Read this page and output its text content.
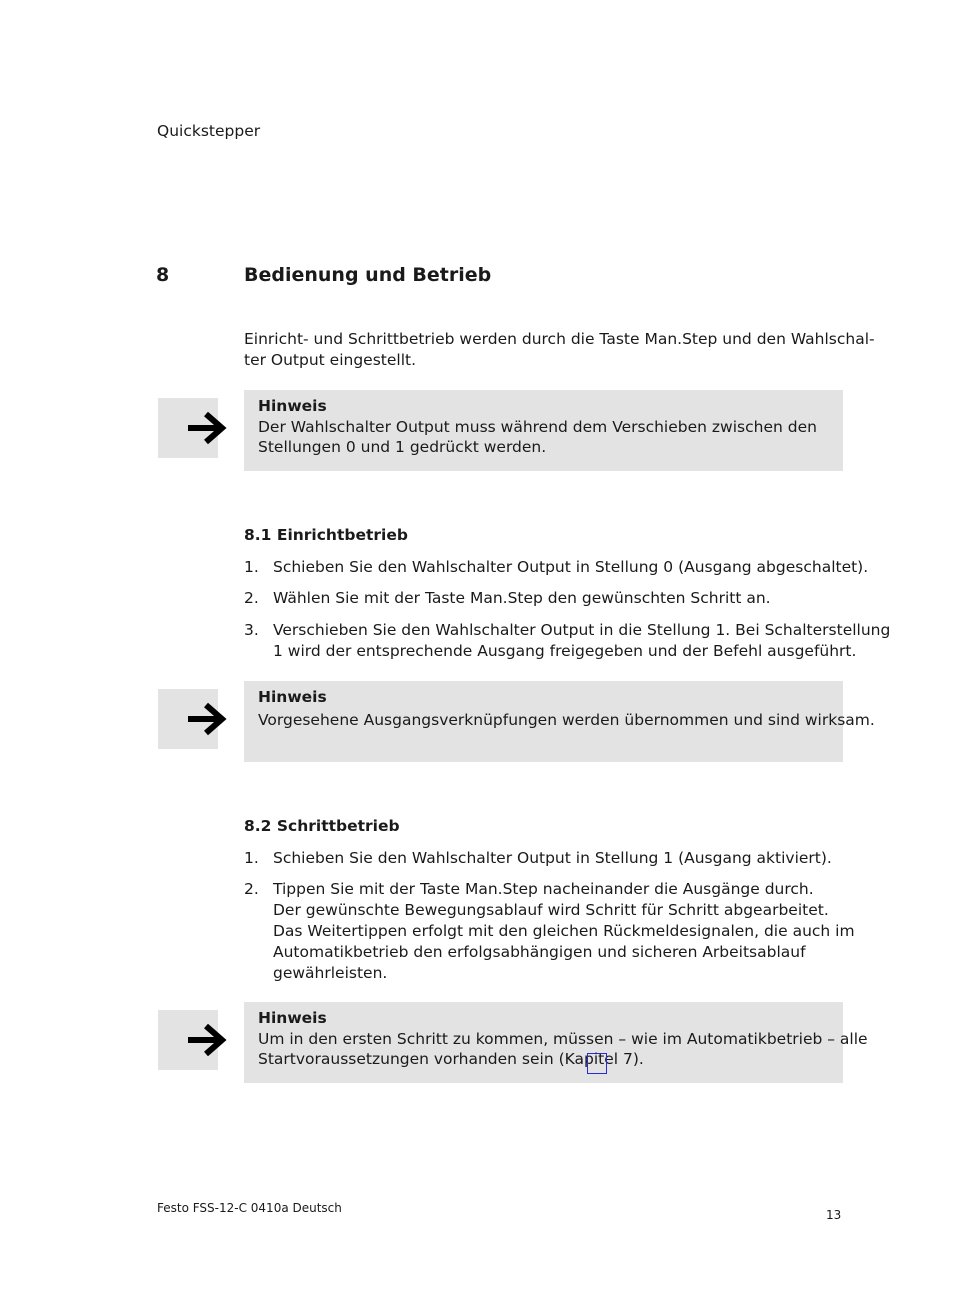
Quickstepper
8	Bedienung und Betrieb
Einricht- und Schrittbetrieb werden durch die Taste Man.Step und den Wahlschal-
ter Output eingestellt.
Hinweis
Der Wahlschalter Output muss während dem Verschieben zwischen den
Stellungen 0 und 1 gedrückt werden.
8.1 Einrichtbetrieb
1. Schieben Sie den Wahlschalter Output in Stellung 0 (Ausgang abgeschaltet).
2. Wählen Sie mit der Taste Man.Step den gewünschten Schritt an.
3. Verschieben Sie den Wahlschalter Output in die Stellung 1. Bei Schalterstellung
1 wird der entsprechende Ausgang freigegeben und der Befehl ausgeführt.
Hinweis
Vorgesehene Ausgangsverknüpfungen werden übernommen und sind wirksam.
8.2 Schrittbetrieb
1. Schieben Sie den Wahlschalter Output in Stellung 1 (Ausgang aktiviert).
2. Tippen Sie mit der Taste Man.Step nacheinander die Ausgänge durch.
Der gewünschte Bewegungsablauf wird Schritt für Schritt abgearbeitet.
Das Weitertippen erfolgt mit den gleichen Rückmeldesignalen, die auch im
Automatikbetrieb den erfolgsabhängigen und sicheren Arbeitsablauf
gewährleisten.
Hinweis
Um in den ersten Schritt zu kommen, müssen – wie im Automatikbetrieb – alle
Startvoraussetzungen vorhanden sein (Kapitel 7).
Festo FSS-12-C 0410a Deutsch	13
